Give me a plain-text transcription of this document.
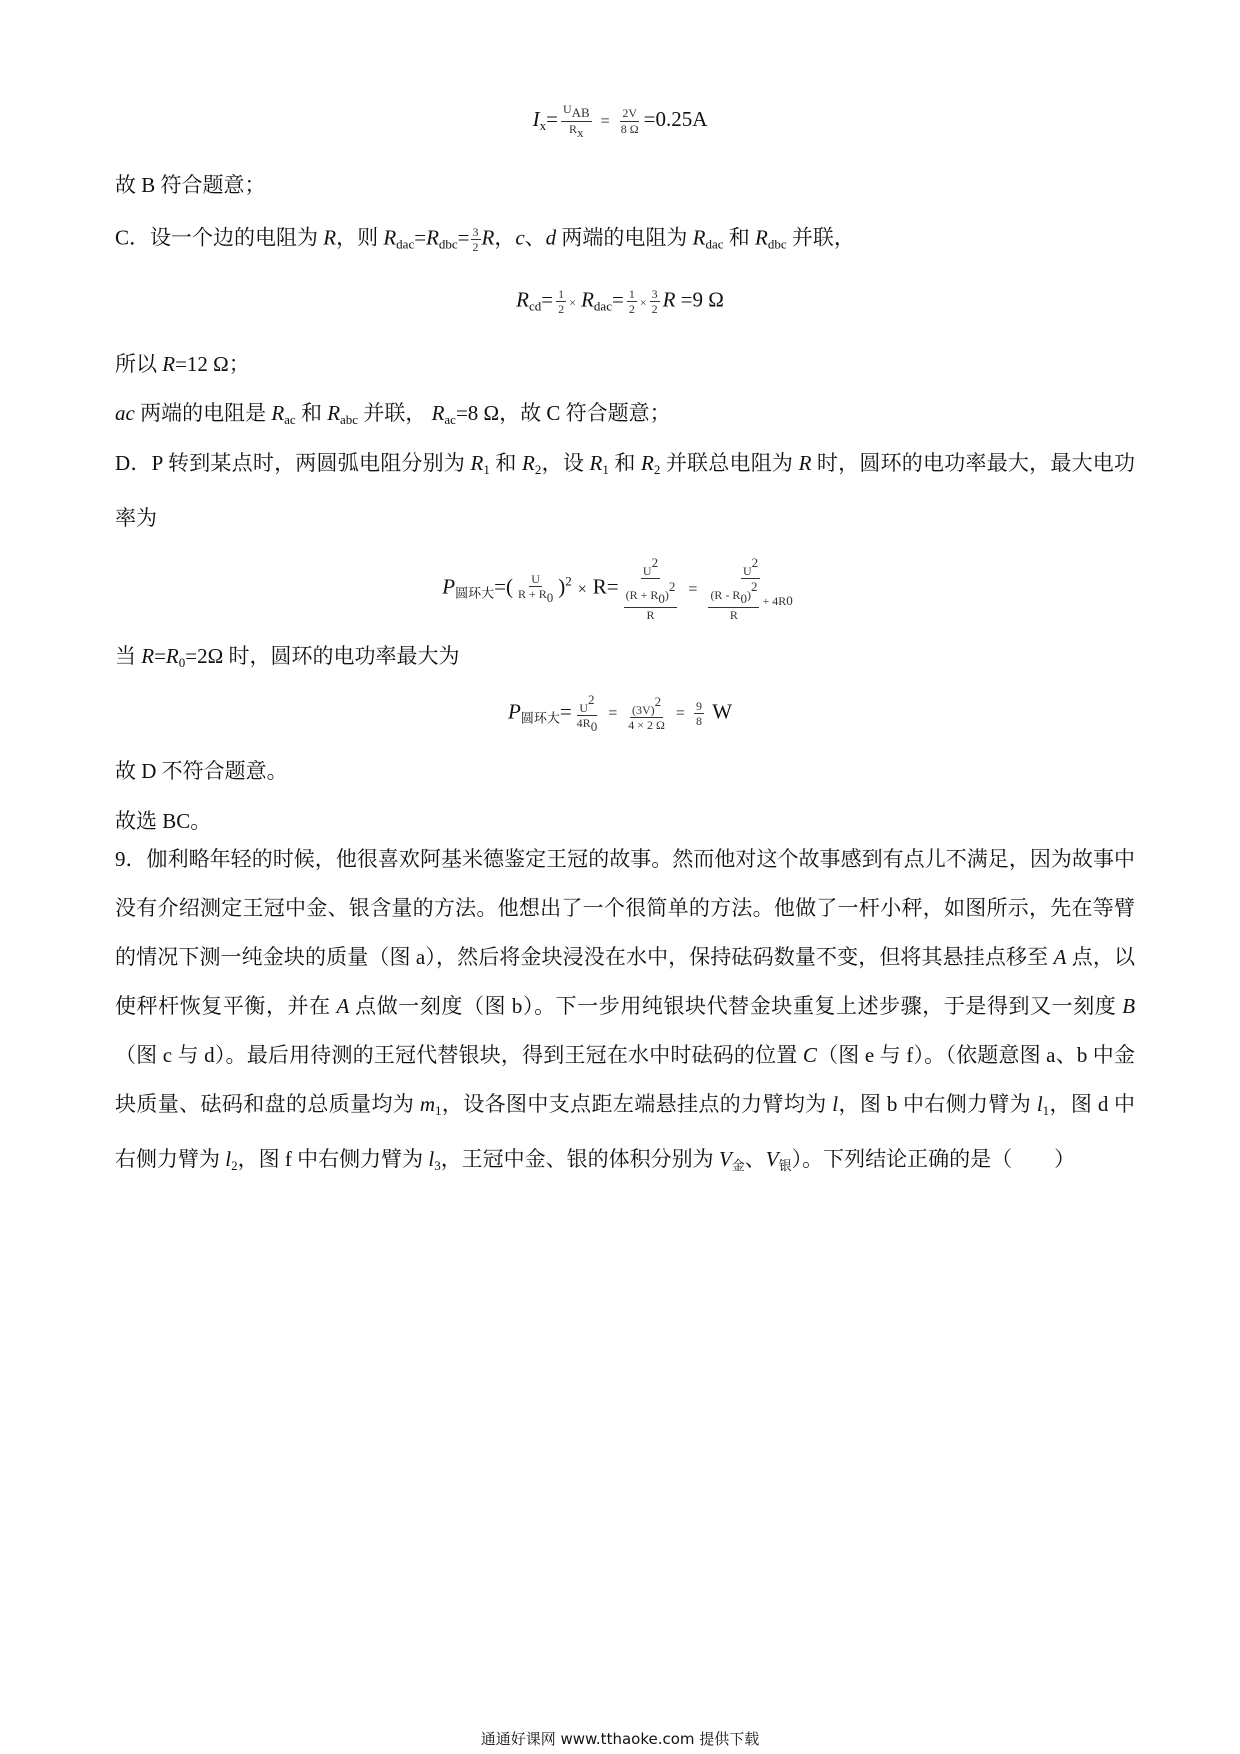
$I_x= \frac{U_{AB}}{R_x} = \frac{2V}{8 \Omega} =0.25A$
故 B 符合题意；
C．设一个边的电阻为 R，则 $R_{dac}=R_{dbc}= \frac{3}{2}$ R，c、d 两端的电阻为 $R_{dac}$ 和 $R_{dbc}$ 并联，
$R_{cd}= \frac{1}{2} \times R_{dac}= \frac{1}{2} \times \frac{3}{2}$ R =9 Ω
所以 R=12 Ω；
ac 两端的电阻是 $R_{ac}$ 和 $R_{abc}$ 并联， $R_{ac}=8$ Ω，故 C 符合题意；
D．P 转到某点时，两圆弧电阻分别为 $R_1$ 和 $R_2$，设 $R_1$ 和 $R_2$ 并联总电阻为 R 时，圆环的电功率最大，最大电功率为
$P_{圆环大}=( \frac{U}{R + R_0} )^2 \times R= \frac{U^2}{\frac{(R + R_0)^2}{R}} = U^2$
$(R - R_0)^2$
R

+ 4R 0
当 $R=R_0=2\Omega$ 时，圆环的电功率最大为
$P_{圆环大}= \frac{U^2}{4R_0} = \frac{(3V)^2}{4 \times 2 \Omega} = \frac{9}{8}$ W
故 D 不符合题意。
故选 BC。
9．伽利略年轻的时候，他很喜欢阿基米德鉴定王冠的故事。然而他对这个故事感到有点儿不满足，因为故事中没有介绍测定王冠中金、银含量的方法。他想出了一个很简单的方法。他做了一杆小秤，如图所示，先在等臂的情况下测一纯金块的质量（图 a），然后将金块浸没在水中，保持砝码数量不变，但将其悬挂点移至 A 点，以使秤杆恢复平衡，并在 A 点做一刻度（图 b）。下一步用纯银块代替金块重复上述步骤，于是得到又一刻度 B（图 c 与 d）。最后用待测的王冠代替银块，得到王冠在水中时砝码的位置 C（图 e 与 f）。（依题意图 a、b 中金块质量、砝码和盘的总质量均为 $m_1$，设各图中支点距左端悬挂点的力臂均为 l，图 b 中右侧力臂为 $l_1$，图 d 中右侧力臂为 $l_2$，图 f 中右侧力臂为 $l_3$，王冠中金、银的体积分别为 $V_金$、$V_银$）。下列结论正确的是（　　）
通通好课网 www.tthaoke.com 提供下载
